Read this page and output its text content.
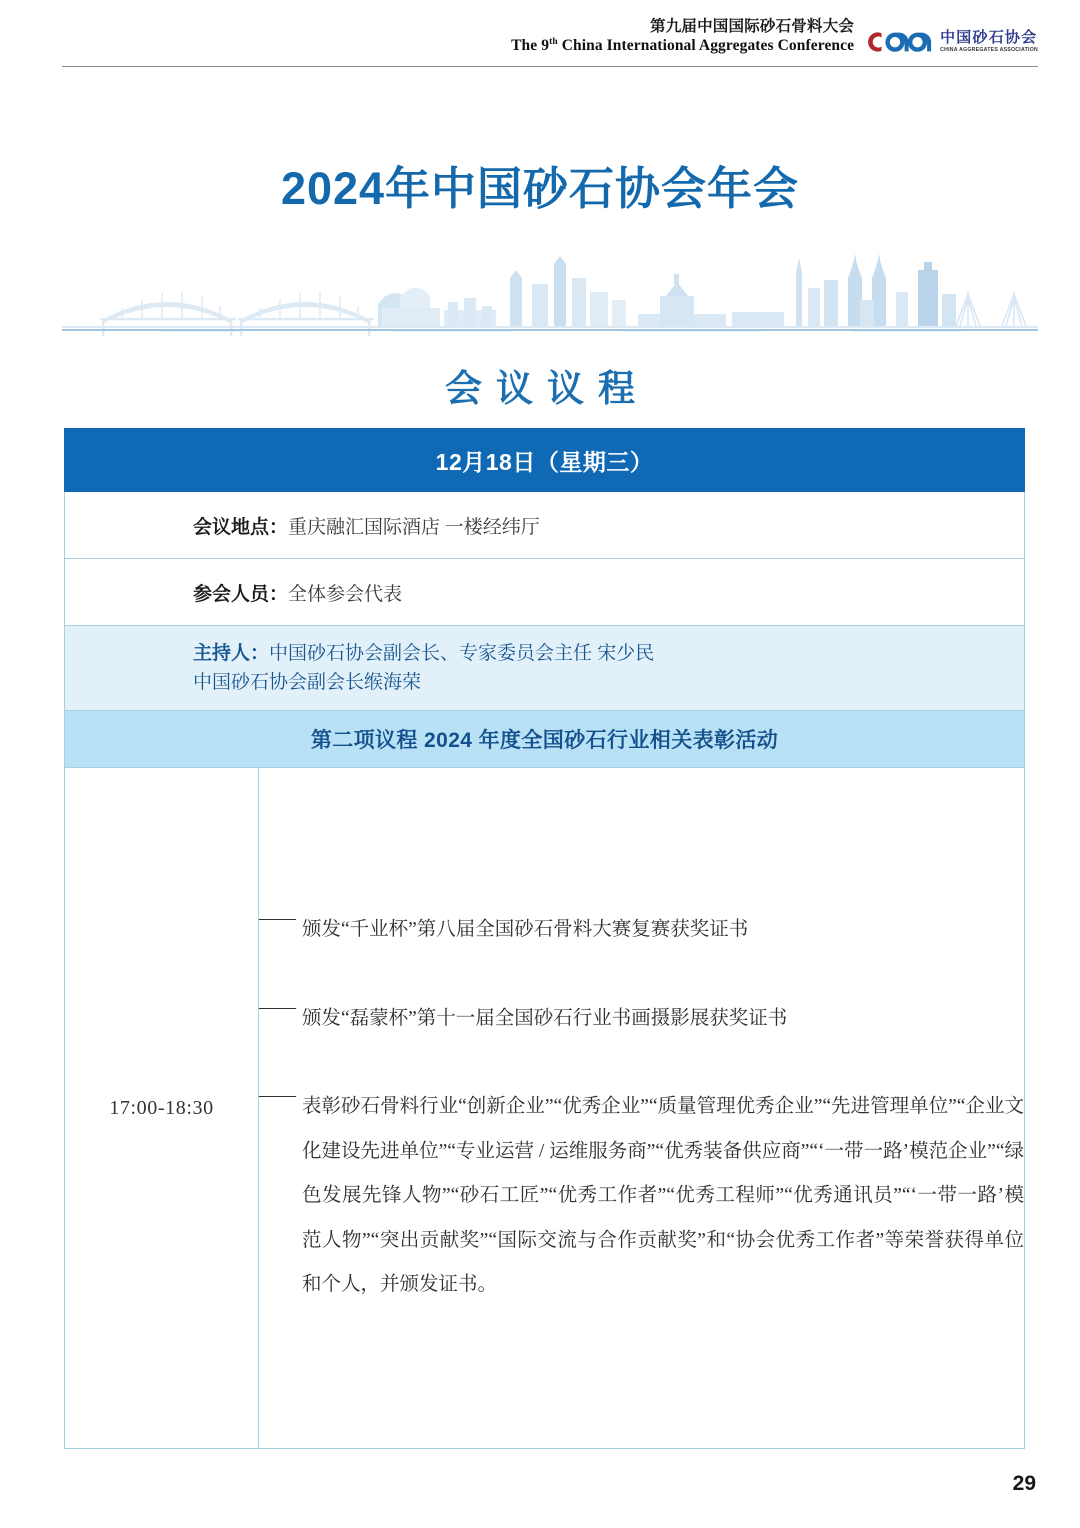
第九届中国国际砂石骨料大会
The 9th China International Aggregates Conference	中国砂石协会
CHINA AGGREGATES ASSOCIATION
2024年中国砂石协会年会
会议议程
12月18日（星期三）
会议地点：重庆融汇国际酒店 一楼经纬厅
参会人员：全体参会代表
主持人：中国砂石协会副会长、专家委员会主任 宋少民
中国砂石协会副会长缑海荣
第二项议程 2024 年度全国砂石行业相关表彰活动
17:00-18:30	
——
颁发“千业杯”第八届全国砂石骨料大赛复赛获奖证书
——
颁发“磊蒙杯”第十一届全国砂石行业书画摄影展获奖证书
——
表彰砂石骨料行业“创新企业”“优秀企业”“质量管理优秀企业”“先进管理单位”“企业文化建设先进单位”“专业运营 / 运维服务商”“优秀装备供应商”“‘一带一路’模范企业”“绿色发展先锋人物”“砂石工匠”“优秀工作者”“优秀工程师”“优秀通讯员”“‘一带一路’模范人物”“突出贡献奖”“国际交流与合作贡献奖”和“协会优秀工作者”等荣誉获得单位和个人，并颁发证书。
29
